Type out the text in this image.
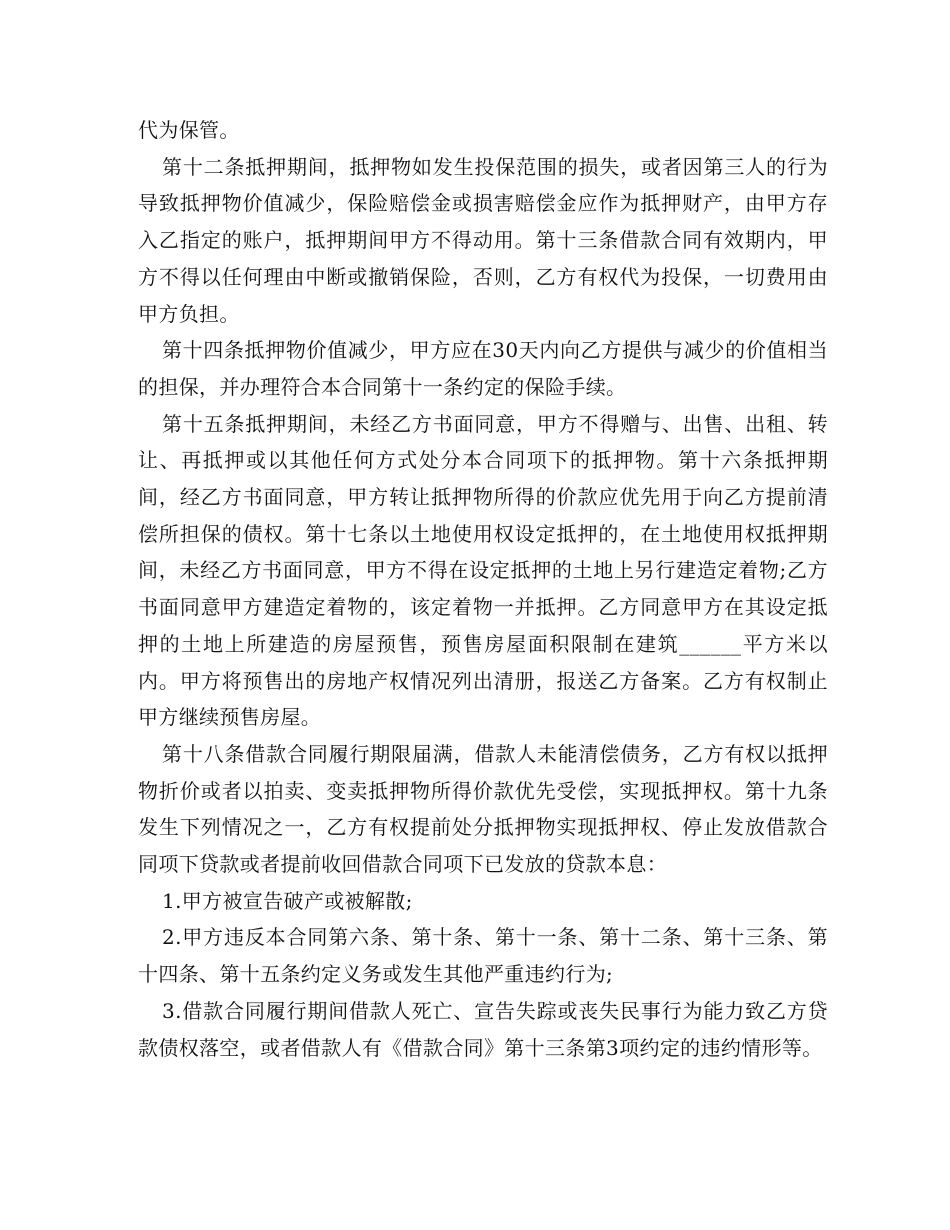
代为保管。

第十二条抵押期间，抵押物如发生投保范围的损失，或者因第三人的行为导致抵押物价值减少，保险赔偿金或损害赔偿金应作为抵押财产，由甲方存入乙指定的账户，抵押期间甲方不得动用。第十三条借款合同有效期内，甲方不得以任何理由中断或撤销保险，否则，乙方有权代为投保，一切费用由甲方负担。

第十四条抵押物价值减少，甲方应在30天内向乙方提供与减少的价值相当的担保，并办理符合本合同第十一条约定的保险手续。

第十五条抵押期间，未经乙方书面同意，甲方不得赠与、出售、出租、转让、再抵押或以其他任何方式处分本合同项下的抵押物。第十六条抵押期间，经乙方书面同意，甲方转让抵押物所得的价款应优先用于向乙方提前清偿所担保的债权。第十七条以土地使用权设定抵押的，在土地使用权抵押期间，未经乙方书面同意，甲方不得在设定抵押的土地上另行建造定着物;乙方书面同意甲方建造定着物的，该定着物一并抵押。乙方同意甲方在其设定抵押的土地上所建造的房屋预售，预售房屋面积限制在建筑______平方米以内。甲方将预售出的房地产权情况列出清册，报送乙方备案。乙方有权制止甲方继续预售房屋。

第十八条借款合同履行期限届满，借款人未能清偿债务，乙方有权以抵押物折价或者以拍卖、变卖抵押物所得价款优先受偿，实现抵押权。第十九条发生下列情况之一，乙方有权提前处分抵押物实现抵押权、停止发放借款合同项下贷款或者提前收回借款合同项下已发放的贷款本息：

1.甲方被宣告破产或被解散;

2.甲方违反本合同第六条、第十条、第十一条、第十二条、第十三条、第十四条、第十五条约定义务或发生其他严重违约行为;

3.借款合同履行期间借款人死亡、宣告失踪或丧失民事行为能力致乙方贷款债权落空，或者借款人有《借款合同》第十三条第3项约定的违约情形等。
